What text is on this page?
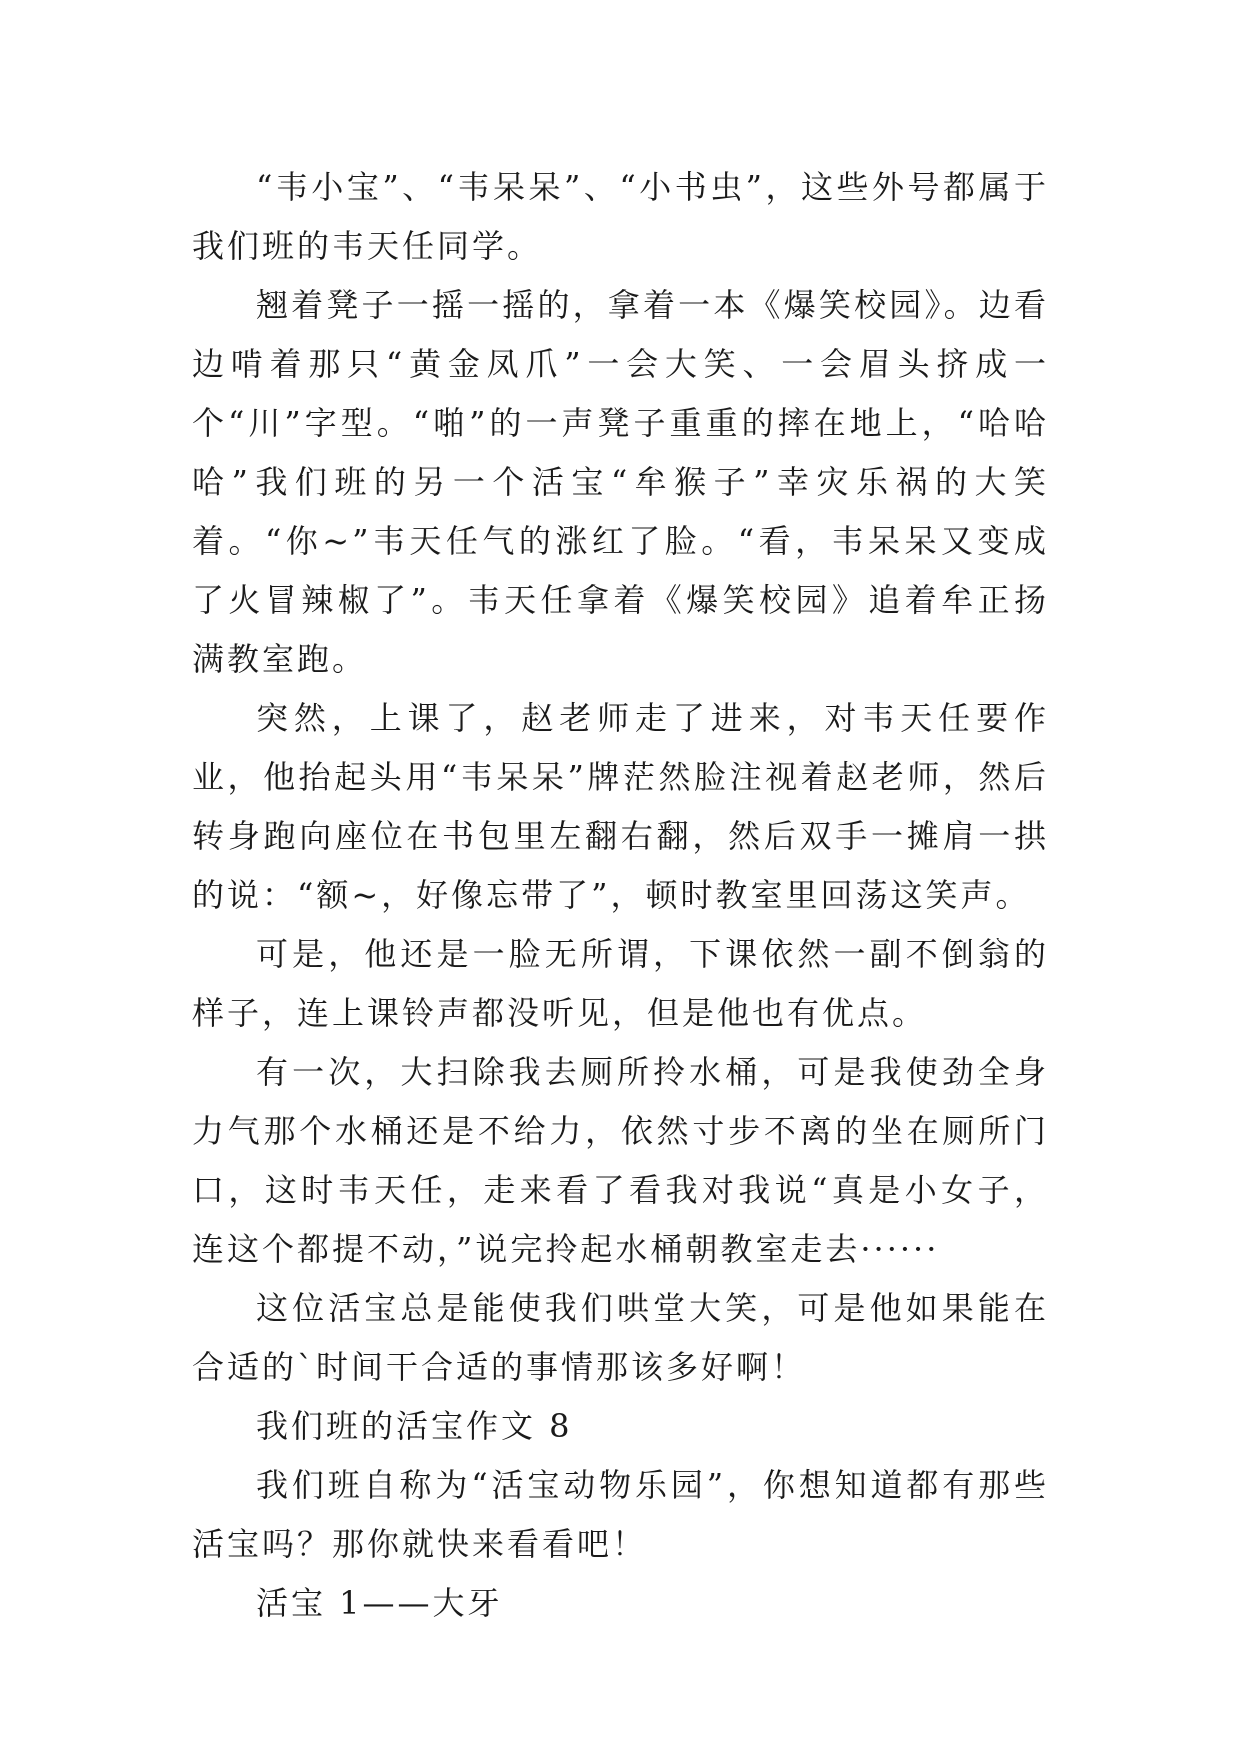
“韦小宝”、“韦呆呆”、“小书虫”，这些外号都属于我们班的韦天任同学。

翘着凳子一摇一摇的，拿着一本《爆笑校园》。边看边啃着那只“黄金凤爪”一会大笑、一会眉头挤成一个“川”字型。“啪”的一声凳子重重的摔在地上，“哈哈哈”我们班的另一个活宝“牟猴子”幸灾乐祸的大笑着。“你~”韦天任气的涨红了脸。“看，韦呆呆又变成了火冒辣椒了”。韦天任拿着《爆笑校园》追着牟正扬满教室跑。

突然，上课了，赵老师走了进来，对韦天任要作业，他抬起头用“韦呆呆”牌茫然脸注视着赵老师，然后转身跑向座位在书包里左翻右翻，然后双手一摊肩一拱的说：“额~，好像忘带了”，顿时教室里回荡这笑声。

可是，他还是一脸无所谓，下课依然一副不倒翁的样子，连上课铃声都没听见，但是他也有优点。

有一次，大扫除我去厕所拎水桶，可是我使劲全身力气那个水桶还是不给力，依然寸步不离的坐在厕所门口，这时韦天任，走来看了看我对我说“真是小女子，连这个都提不动，”说完拎起水桶朝教室走去······

这位活宝总是能使我们哄堂大笑，可是他如果能在合适的`时间干合适的事情那该多好啊！

我们班的活宝作文 8

我们班自称为“活宝动物乐园”，你想知道都有那些活宝吗？那你就快来看看吧！

活宝 1——大牙
